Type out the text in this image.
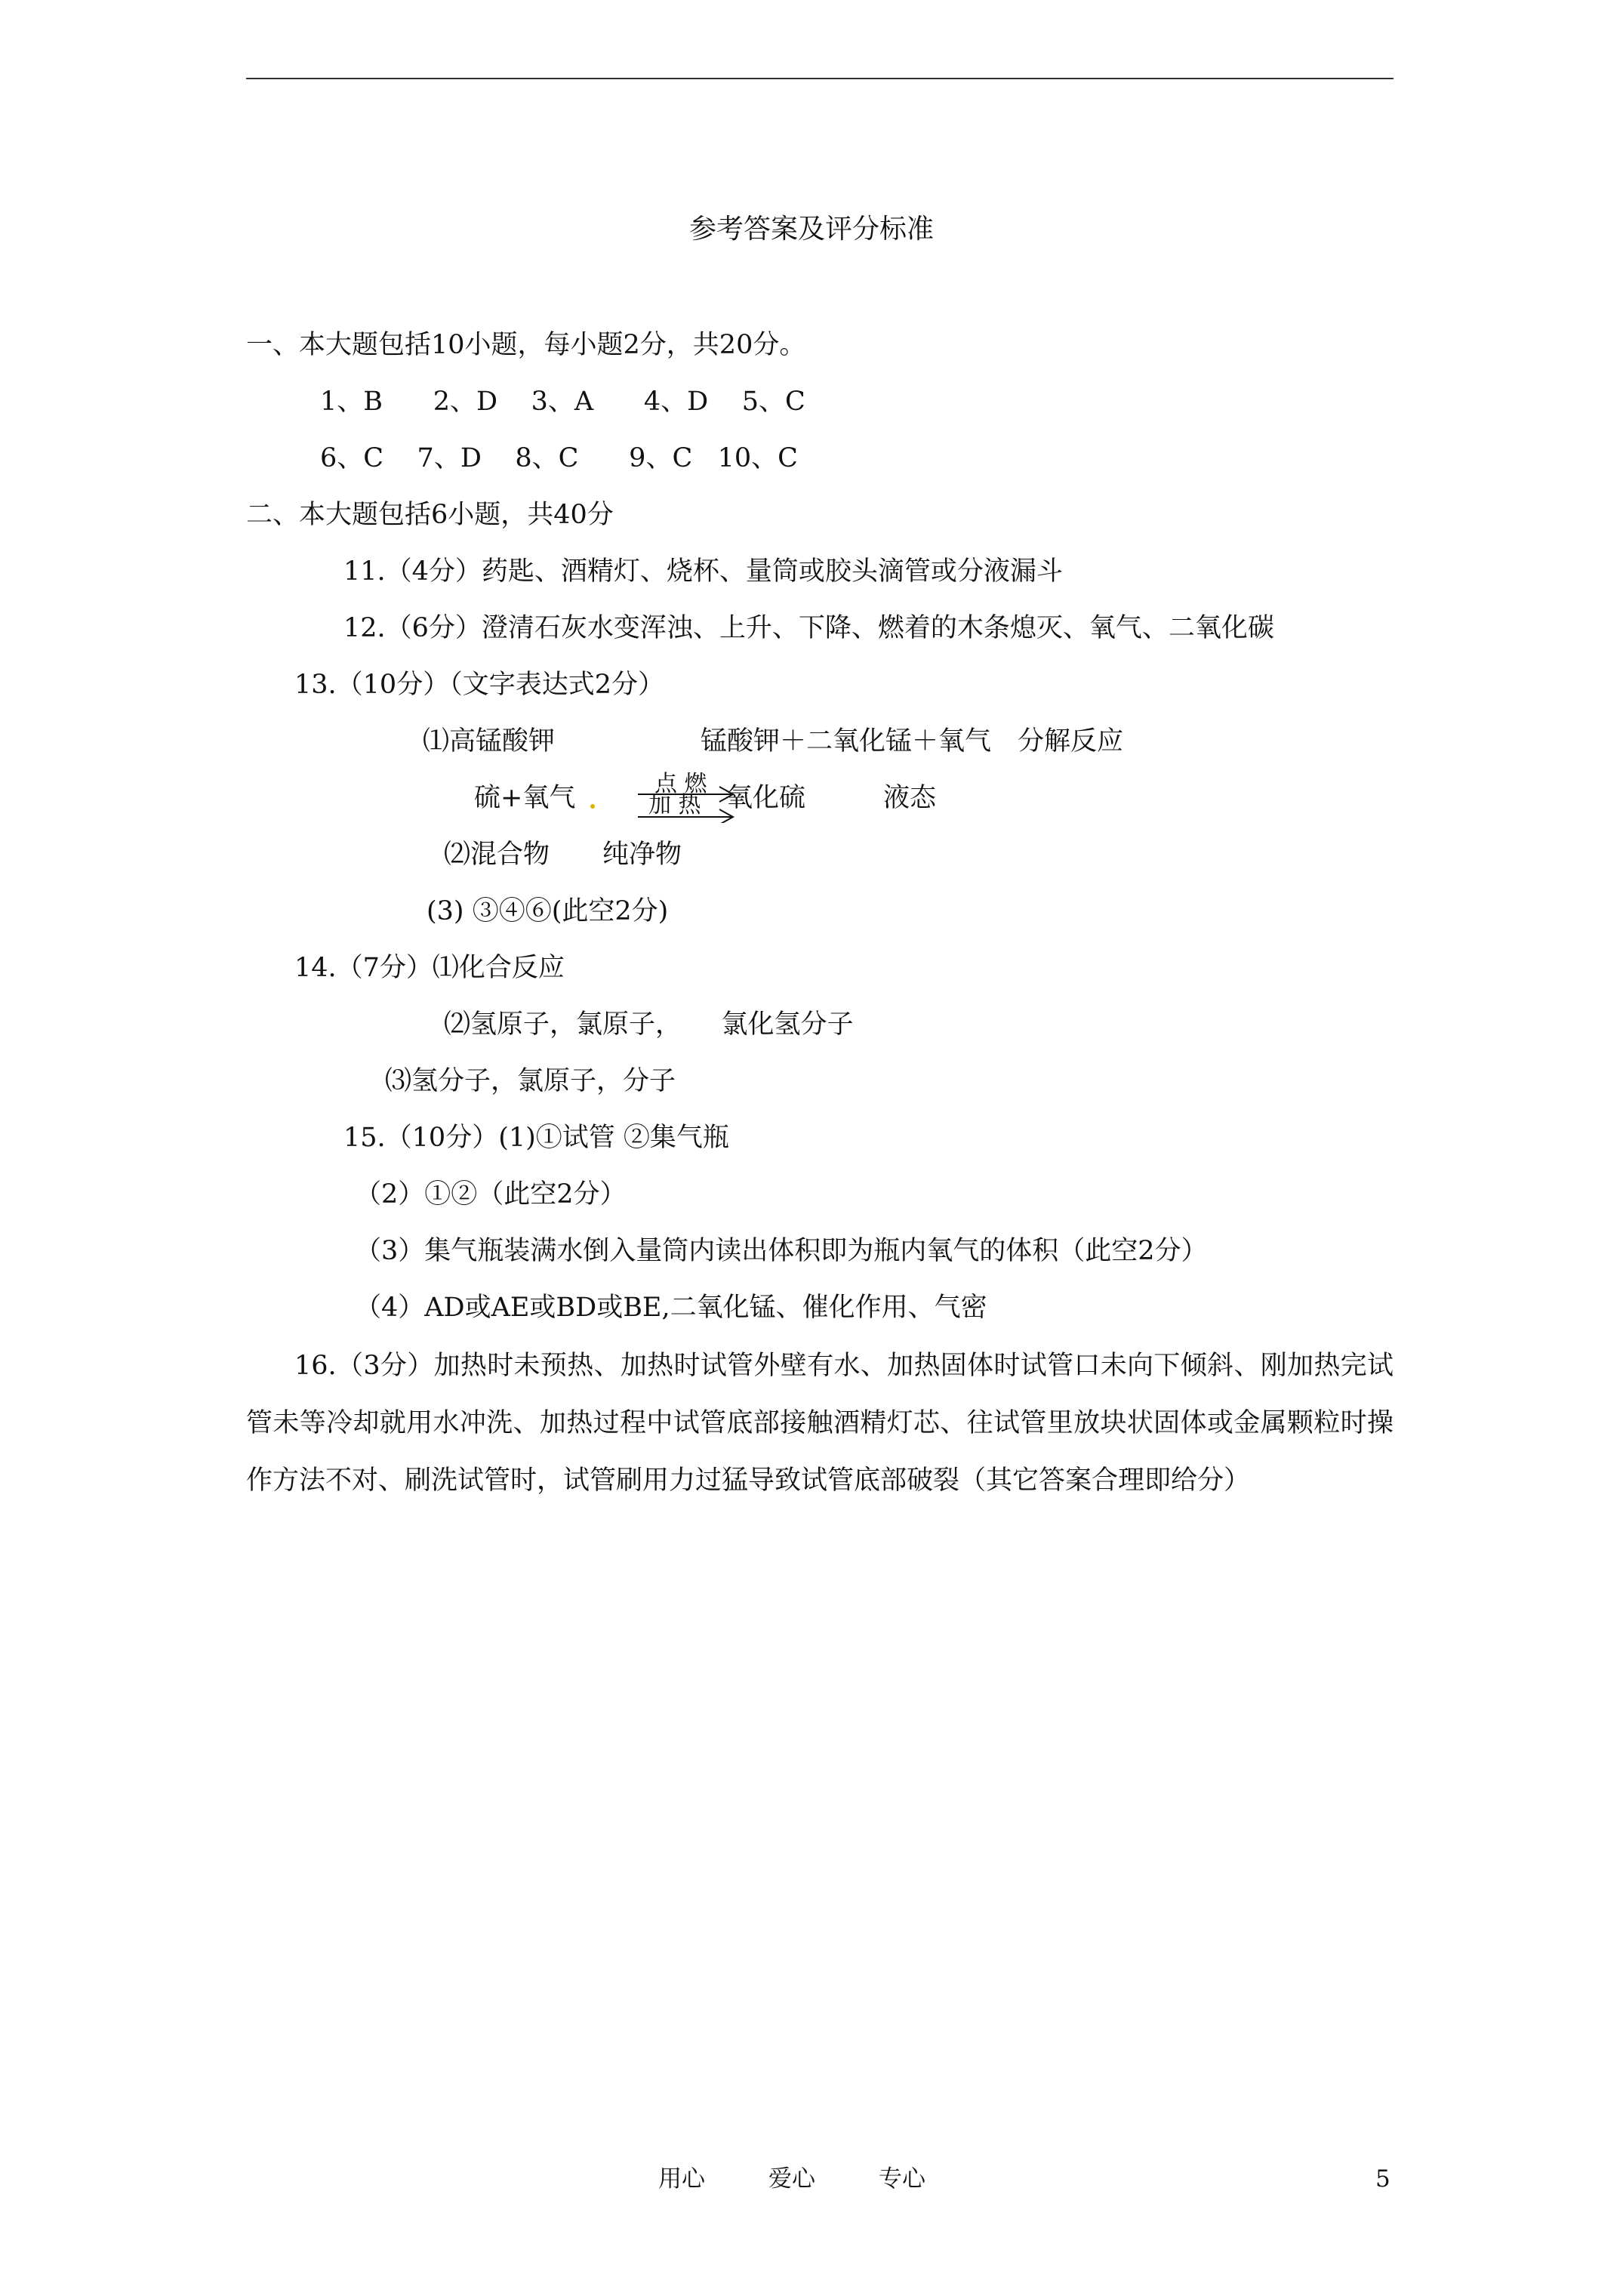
参考答案及评分标准
一、本大题包括10小题，每小题2分，共20分。
1、B      2、D    3、A      4、D    5、C
6、C    7、D    8、C      9、C   10、C
二、本大题包括6小题，共40分
11.（4分）药匙、酒精灯、烧杯、量筒或胶头滴管或分液漏斗
12.（6分）澄清石灰水变浑浊、上升、下降、燃着的木条熄灭、氧气、二氧化碳
13.（10分）（文字表达式2分）
⑴高锰酸钾	锰酸钾＋二氧化锰＋氧气　分解反应
硫+氧气	点 燃
加 热 氧化硫	液态
⑵混合物　　纯净物
(3) ③④⑥(此空2分)
14.（7分）⑴化合反应
⑵氢原子，氯原子，　　氯化氢分子
⑶氢分子，氯原子，分子
15.（10分）(1)①试管 ②集气瓶
（2）①②（此空2分）
（3）集气瓶装满水倒入量筒内读出体积即为瓶内氧气的体积（此空2分）
（4）AD或AE或BD或BE,二氧化锰、催化作用、气密
16.（3分）加热时未预热、加热时试管外壁有水、加热固体时试管口未向下倾斜、刚加热完试管未等冷却就用水冲洗、加热过程中试管底部接触酒精灯芯、往试管里放块状固体或金属颗粒时操作方法不对、刷洗试管时，试管刷用力过猛导致试管底部破裂（其它答案合理即给分）
用心	爱心	专心	5
